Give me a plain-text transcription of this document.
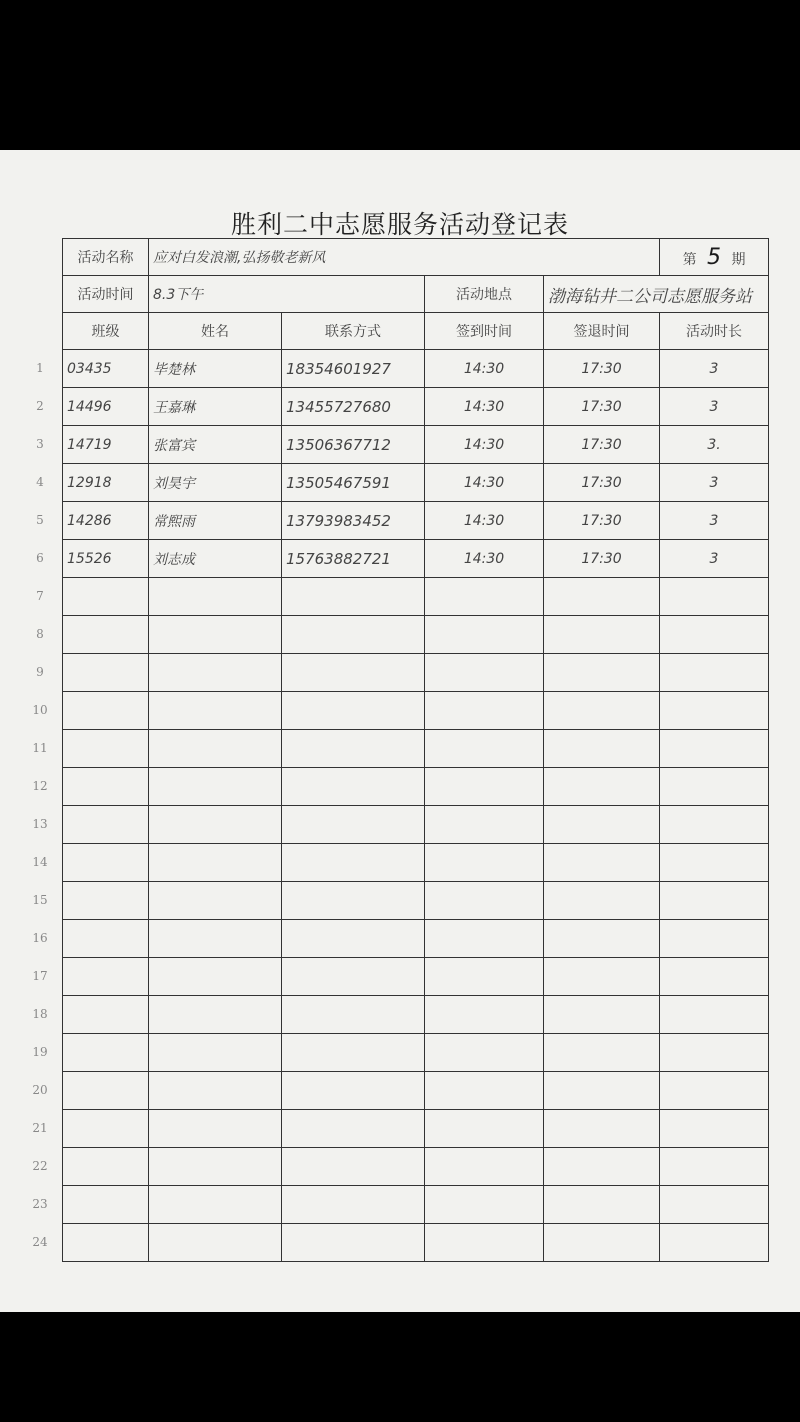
胜利二中志愿服务活动登记表
1
2
3
4
5
6
7
8
9
10
11
12
13
14
15
16
17
18
19
20
21
22
23
24
活动名称	应对白发浪潮,弘扬敬老新风				第 5 期
活动时间	8.3下午		活动地点	渤海钻井二公司志愿服务站	
班级	姓名	联系方式	签到时间	签退时间	活动时长
03435	毕楚林	18354601927	14:30	17:30	3
14496	王嘉琳	13455727680	14:30	17:30	3
14719	张富宾	13506367712	14:30	17:30	3.
12918	刘昊宇	13505467591	14:30	17:30	3
14286	常熙雨	13793983452	14:30	17:30	3
15526	刘志成	15763882721	14:30	17:30	3
